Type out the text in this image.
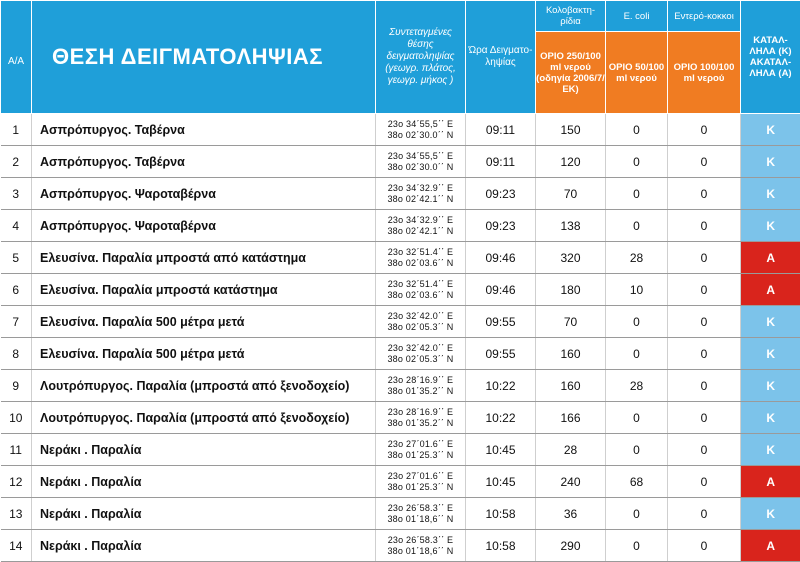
Α/Α	ΘΕΣΗ ΔΕΙΓΜΑΤΟΛΗΨΙΑΣ	Συντεταγμένες θέσης δειγματοληψίας (γεωγρ. πλάτος, γεωγρ. μήκος )	Ώρα Δειγματο-ληψίας	Κολοβακτη-ρίδια	E. coli	Εντερό-κοκκοι	ΚΑΤΑΛ-ΛΗΛΑ (Κ) ΑΚΑΤΑΛ-ΛΗΛΑ (Α)
				ΟΡΙΟ 250/100 ml νερού (οδηγία 2006/7/ ΕΚ)	ΟΡΙΟ 50/100 ml νερού	ΟΡΙΟ 100/100 ml νερού	
1	Ασπρόπυργος. Ταβέρνα	23ο 34΄55,5΄΄ E
38ο 02΄30.0΄΄ N	09:11	150	0	0	Κ
2	Ασπρόπυργος. Ταβέρνα	23ο 34΄55,5΄΄ E
38ο 02΄30.0΄΄ N	09:11	120	0	0	Κ
3	Ασπρόπυργος. Ψαροταβέρνα	23ο 34΄32.9΄΄ E
38ο 02΄42.1΄΄ N	09:23	70	0	0	Κ
4	Ασπρόπυργος. Ψαροταβέρνα	23ο 34΄32.9΄΄ E
38ο 02΄42.1΄΄ N	09:23	138	0	0	Κ
5	Ελευσίνα. Παραλία μπροστά από κατάστημα	23ο 32΄51.4΄΄ E
38ο 02΄03.6΄΄ N	09:46	320	28	0	Α
6	Ελευσίνα. Παραλία μπροστά κατάστημα	23ο 32΄51.4΄΄ E
38ο 02΄03.6΄΄ N	09:46	180	10	0	Α
7	Ελευσίνα. Παραλία 500 μέτρα μετά	23ο 32΄42.0΄΄ E
38ο 02΄05.3΄΄ N	09:55	70	0	0	Κ
8	Ελευσίνα. Παραλία 500 μέτρα μετά	23ο 32΄42.0΄΄ E
38ο 02΄05.3΄΄ N	09:55	160	0	0	Κ
9	Λουτρόπυργος. Παραλία (μπροστά από ξενοδοχείο)	23ο 28΄16.9΄΄ E
38ο 01΄35.2΄΄ N	10:22	160	28	0	Κ
10	Λουτρόπυργος. Παραλία (μπροστά από ξενοδοχείο)	23ο 28΄16.9΄΄ E
38ο 01΄35.2΄΄ N	10:22	166	0	0	Κ
11	Νεράκι . Παραλία	23ο 27΄01.6΄΄ E
38ο 01΄25.3΄΄ N	10:45	28	0	0	Κ
12	Νεράκι . Παραλία	23ο 27΄01.6΄΄ E
38ο 01΄25.3΄΄ N	10:45	240	68	0	Α
13	Νεράκι . Παραλία	23ο 26΄58.3΄΄ E
38ο 01΄18,6΄΄ N	10:58	36	0	0	Κ
14	Νεράκι . Παραλία	23ο 26΄58.3΄΄ E
38ο 01΄18,6΄΄ N	10:58	290	0	0	Α
